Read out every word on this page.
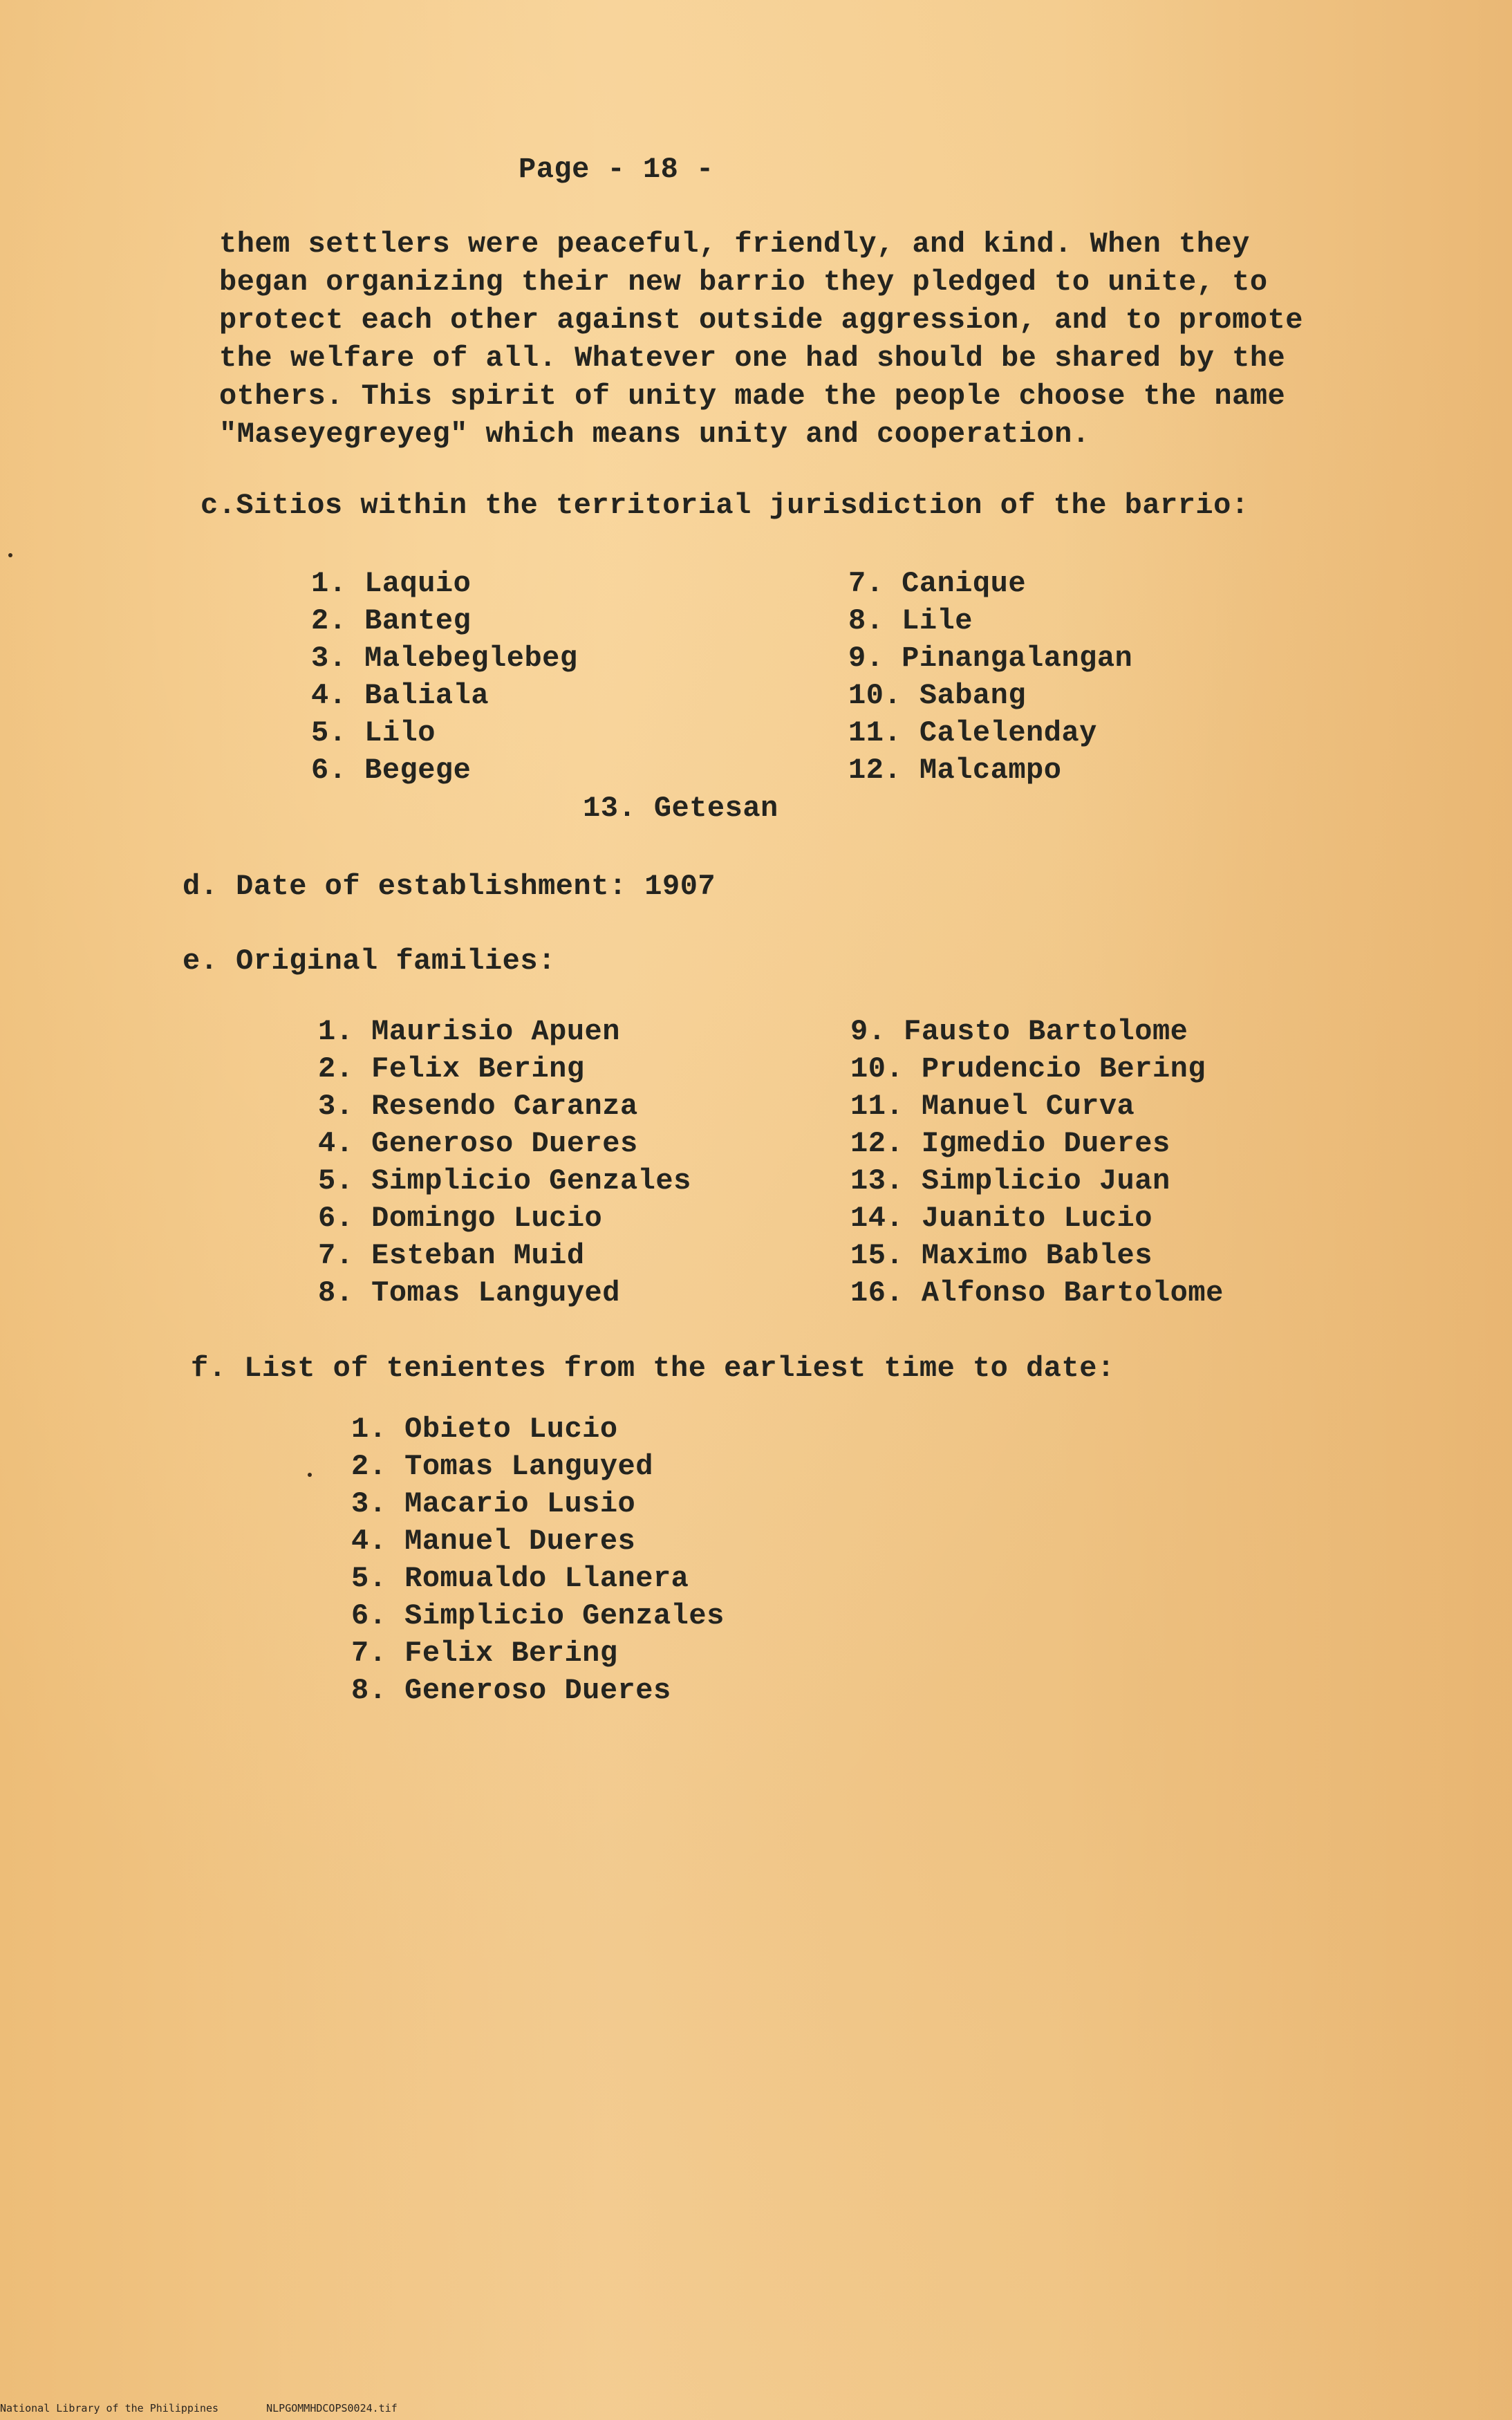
Page - 18 -
them settlers were peaceful, friendly, and kind. When they
began organizing their new barrio they pledged to unite, to
protect each other against outside aggression, and to promote
the welfare of all. Whatever one had should be shared by the
others. This spirit of unity made the people choose the name
"Maseyegreyeg" which means unity and cooperation.
c.Sitios within the territorial jurisdiction of the barrio:
1. Laquio
2. Banteg
3. Malebeglebeg
4. Baliala
5. Lilo
6. Begege
7. Canique
8. Lile
9. Pinangalangan
10. Sabang
11. Calelenday
12. Malcampo
13. Getesan
d. Date of establishment: 1907
e. Original families:
1. Maurisio Apuen
2. Felix Bering
3. Resendo Caranza
4. Generoso Dueres
5. Simplicio Genzales
6. Domingo Lucio
7. Esteban Muid
8. Tomas Languyed
9. Fausto Bartolome
10. Prudencio Bering
11. Manuel Curva
12. Igmedio Dueres
13. Simplicio Juan
14. Juanito Lucio
15. Maximo Bables
16. Alfonso Bartolome
f. List of tenientes from the earliest time to date:
1. Obieto Lucio
2. Tomas Languyed
3. Macario Lusio
4. Manuel Dueres
5. Romualdo Llanera
6. Simplicio Genzales
7. Felix Bering
8. Generoso Dueres
National Library of the Philippines	NLPGOMMHDCOPS0024.tif
